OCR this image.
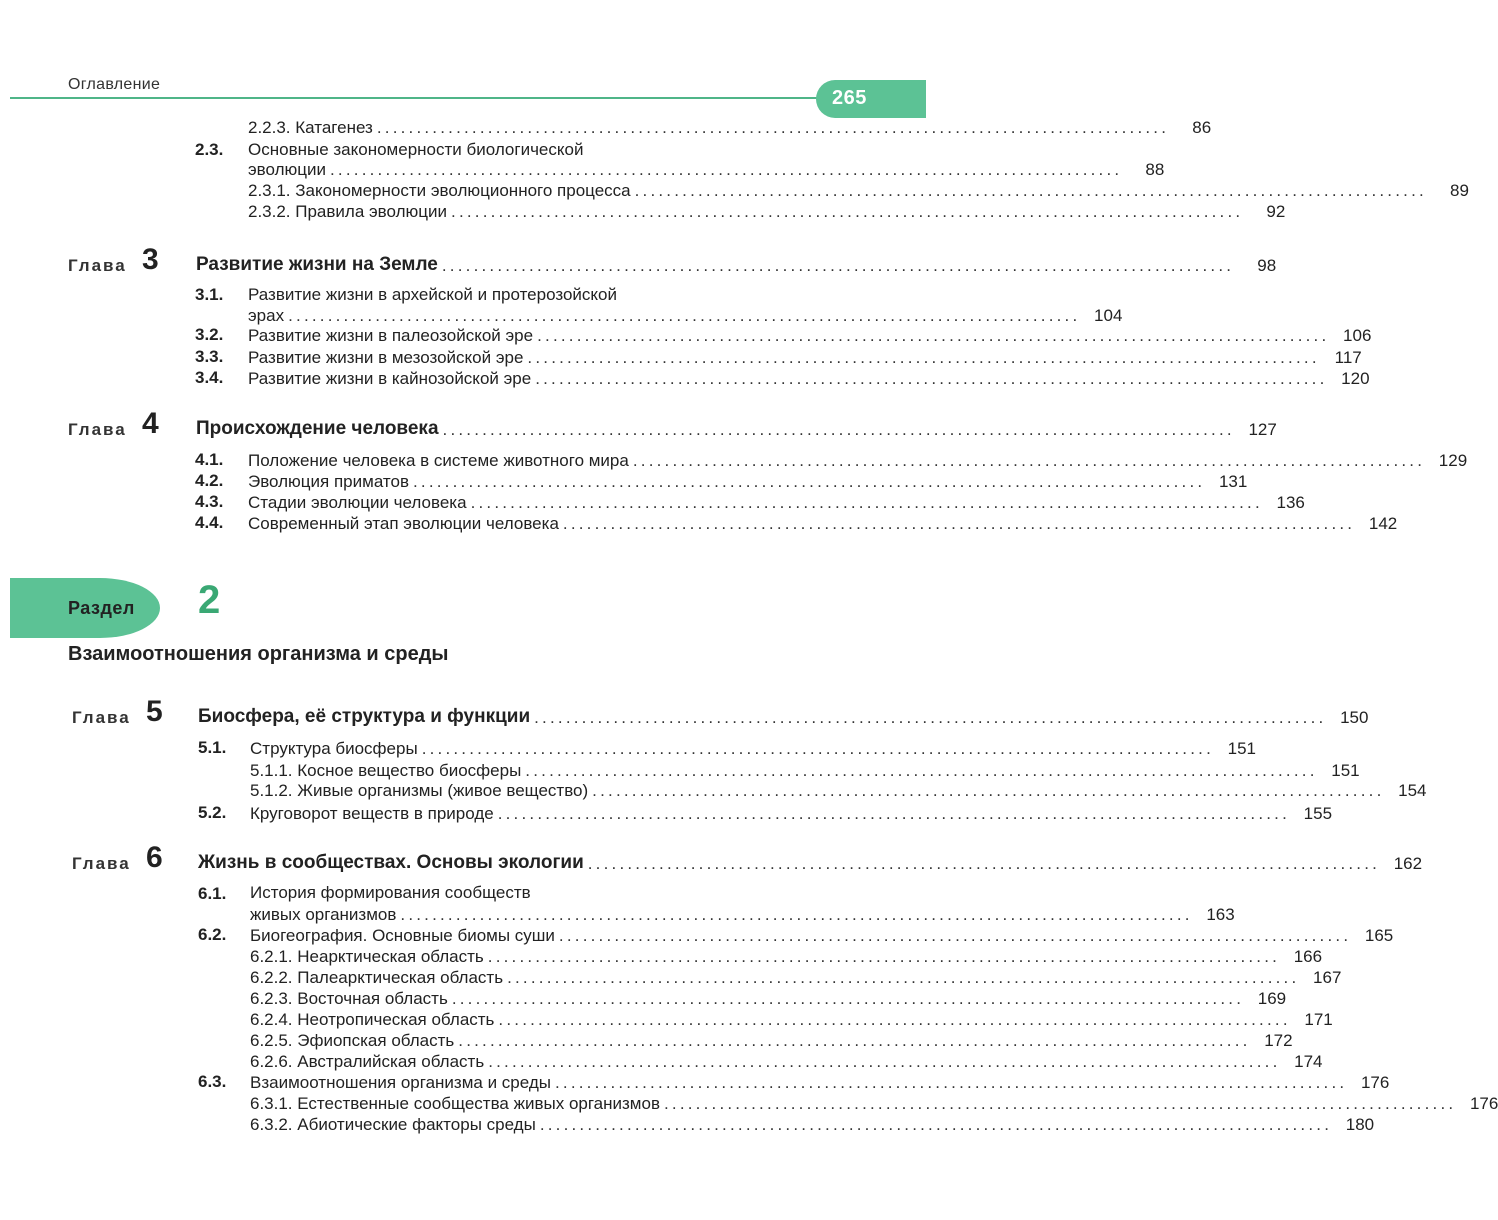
Оглавление
265
2.2.3. Катагенез ....................................................................................................	86
2.3. Основные закономерности биологической
эволюции ....................................................................................................	88
2.3.1. Закономерности эволюционного процесса ....................................................................................................	89
2.3.2. Правила эволюции ....................................................................................................	92
Глава 3 Развитие жизни на Земле ....................................................................................................	98
3.1. Развитие жизни в архейской и протерозойской
эрах .................................................................................................... 104
3.2. Развитие жизни в палеозойской эре .................................................................................................... 106
3.3. Развитие жизни в мезозойской эре .................................................................................................... 117
3.4. Развитие жизни в кайнозойской эре .................................................................................................... 120
Глава 4 Происхождение человека .................................................................................................... 127
4.1. Положение человека в системе животного мира .................................................................................................... 129
4.2. Эволюция приматов .................................................................................................... 131
4.3. Стадии эволюции человека .................................................................................................... 136
4.4. Современный этап эволюции человека .................................................................................................... 142
Раздел 2
Взаимоотношения организма и среды
Глава 5 Биосфера, её структура и функции .................................................................................................... 150
5.1. Структура биосферы .................................................................................................... 151
5.1.1. Косное вещество биосферы .................................................................................................... 151
5.1.2. Живые организмы (живое вещество) .................................................................................................... 154
5.2. Круговорот веществ в природе .................................................................................................... 155
Глава 6 Жизнь в сообществах. Основы экологии .................................................................................................... 162
6.1. История формирования сообществ
живых организмов .................................................................................................... 163
6.2. Биогеография. Основные биомы суши .................................................................................................... 165
6.2.1. Неарктическая область .................................................................................................... 166
6.2.2. Палеарктическая область .................................................................................................... 167
6.2.3. Восточная область .................................................................................................... 169
6.2.4. Неотропическая область .................................................................................................... 171
6.2.5. Эфиопская область .................................................................................................... 172
6.2.6. Австралийская область .................................................................................................... 174
6.3. Взаимоотношения организма и среды .................................................................................................... 176
6.3.1. Естественные сообщества живых организмов .................................................................................................... 176
6.3.2. Абиотические факторы среды .................................................................................................... 180
